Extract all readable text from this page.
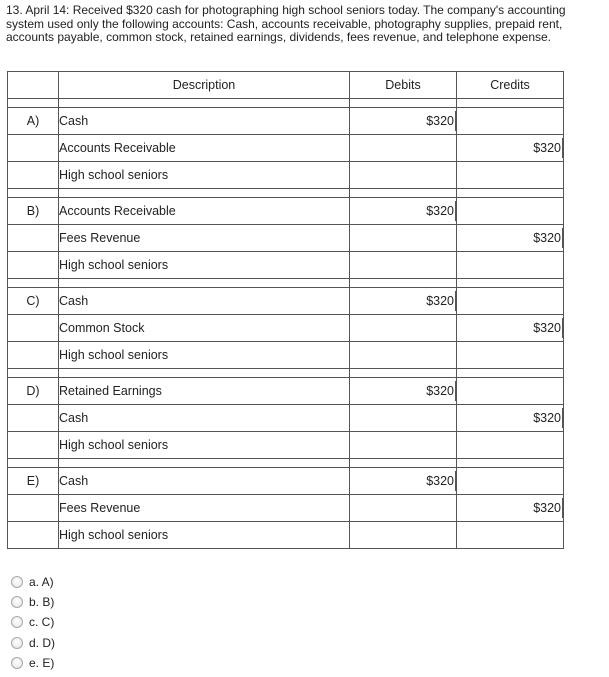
13. April 14: Received $320 cash for photographing high school seniors today. The company's accounting system used only the following accounts: Cash, accounts receivable, photography supplies, prepaid rent, accounts payable, common stock, retained earnings, dividends, fees revenue, and telephone expense.
	Description	Debits	Credits

A)	Cash	$320	

	Accounts Receivable		$320

	High school seniors		

B)	Accounts Receivable	$320	

	Fees Revenue		$320

	High school seniors		

C)	Cash	$320	

	Common Stock		$320

	High school seniors		

D)	Retained Earnings	$320	

	Cash		$320

	High school seniors		

E)	Cash	$320	

	Fees Revenue		$320

	High school seniors		
a. A)
b. B)
c. C)
d. D)
e. E)
